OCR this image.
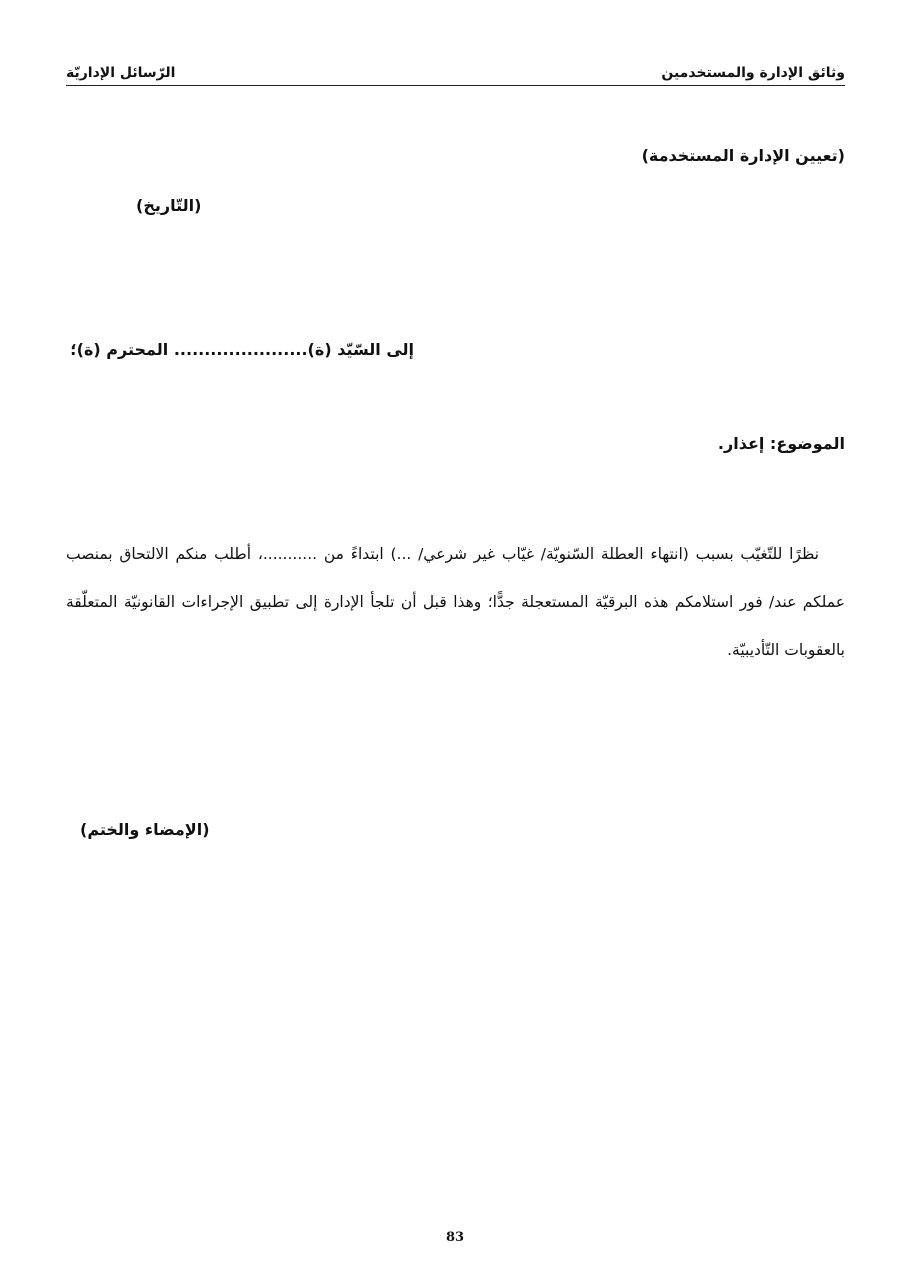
وثائق الإدارة والمستخدمين
الرّسائل الإداريّة
(تعيين الإدارة المستخدمة)
(التّاريخ)
إلى السّيّد (ة)...................... المحترم (ة)؛
الموضوع: إعذار.
نظرًا للتّغيّب بسبب (انتهاء العطلة السّنويّة/ غيّاب غير شرعي/ ...) ابتداءً من ...........، أطلب منكم الالتحاق بمنصب عملكم عند/ فور استلامكم هذه البرقيّة المستعجلة جدًّا؛ وهذا قبل أن تلجأ الإدارة إلى تطبيق الإجراءات القانونيّة المتعلّقة بالعقوبات التّأديبيّة.
(الإمضاء والختم)
83
